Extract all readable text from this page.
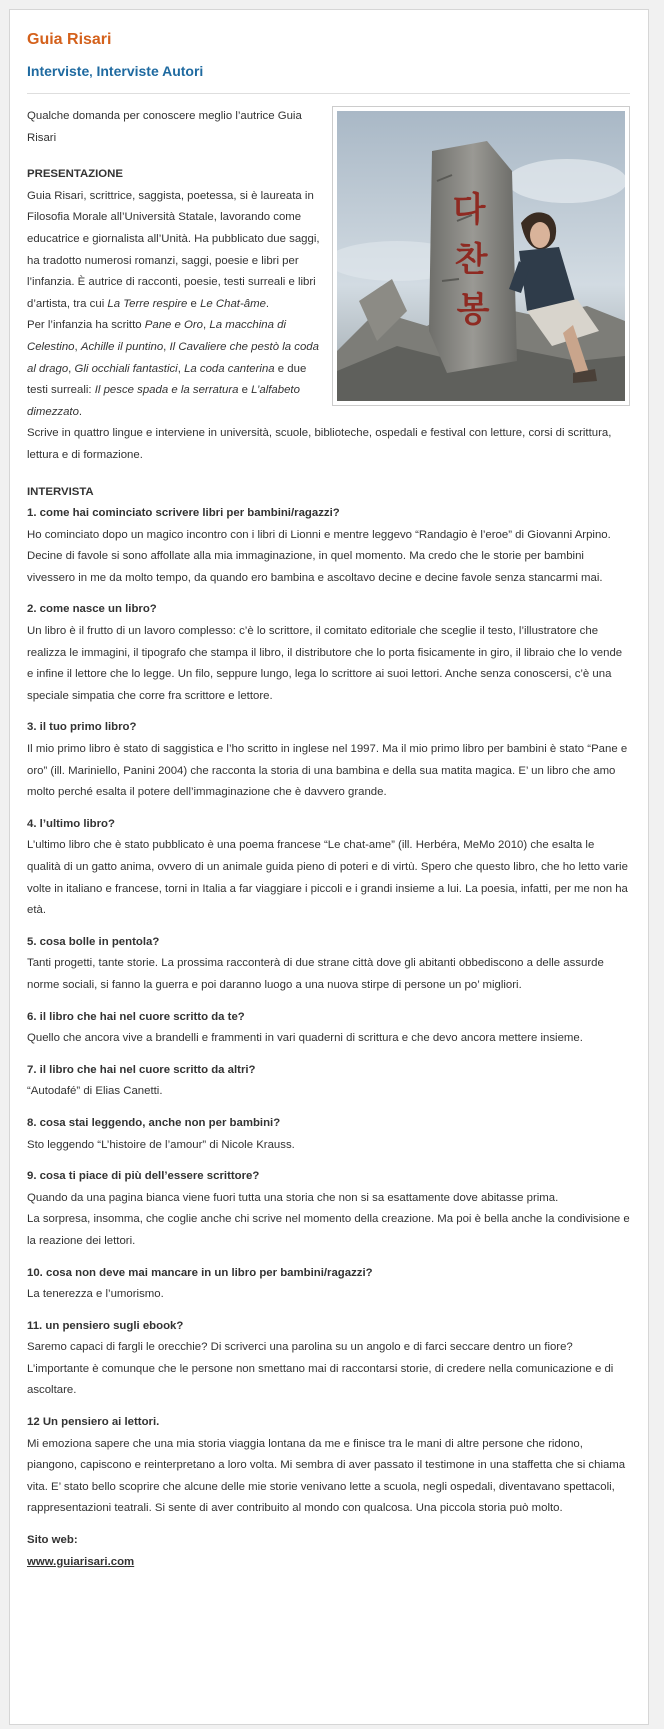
Guia Risari
Interviste, Interviste Autori
다
찬
봉

Qualche domanda per conoscere meglio l’autrice Guia Risari

PRESENTAZIONE

Guia Risari, scrittrice, saggista, poetessa, si è laureata in Filosofia Morale all’Università Statale, lavorando come educatrice e giornalista all’Unità. Ha pubblicato due saggi, ha tradotto numerosi romanzi, saggi, poesie e libri per l’infanzia. È autrice di racconti, poesie, testi surreali e libri d’artista, tra cui La Terre respire e Le Chat-âme.

Per l’infanzia ha scritto Pane e Oro, La macchina di Celestino, Achille il puntino, Il Cavaliere che pestò la coda al drago, Gli occhiali fantastici, La coda canterina e due testi surreali: Il pesce spada e la serratura e L’alfabeto dimezzato.

Scrive in quattro lingue e interviene in università, scuole, biblioteche, ospedali e festival con letture, corsi di scrittura, lettura e di formazione.

INTERVISTA

1. come hai cominciato scrivere libri per bambini/ragazzi?

Ho cominciato dopo un magico incontro con i libri di Lionni e mentre leggevo “Randagio è l’eroe” di Giovanni Arpino. Decine di favole si sono affollate alla mia immaginazione, in quel momento. Ma credo che le storie per bambini vivessero in me da molto tempo, da quando ero bambina e ascoltavo decine e decine favole senza stancarmi mai.

2. come nasce un libro?

Un libro è il frutto di un lavoro complesso: c’è lo scrittore, il comitato editoriale che sceglie il testo, l’illustratore che realizza le immagini, il tipografo che stampa il libro, il distributore che lo porta fisicamente in giro, il libraio che lo vende e infine il lettore che lo legge. Un filo, seppure lungo, lega lo scrittore ai suoi lettori. Anche senza conoscersi, c’è una speciale simpatia che corre fra scrittore e lettore.

3. il tuo primo libro?

Il mio primo libro è stato di saggistica e l’ho scritto in inglese nel 1997. Ma il mio primo libro per bambini è stato “Pane e oro” (ill. Mariniello, Panini 2004) che racconta la storia di una bambina e della sua matita magica. E’ un libro che amo molto perché esalta il potere dell’immaginazione che è davvero grande.

4. l’ultimo libro?

L’ultimo libro che è stato pubblicato è una poema francese “Le chat-ame” (ill. Herbéra, MeMo 2010) che esalta le qualità di un gatto anima, ovvero di un animale guida pieno di poteri e di virtù. Spero che questo libro, che ho letto varie volte in italiano e francese, torni in Italia a far viaggiare i piccoli e i grandi insieme a lui. La poesia, infatti, per me non ha età.

5. cosa bolle in pentola?

Tanti progetti, tante storie. La prossima racconterà di due strane città dove gli abitanti obbediscono a delle assurde norme sociali, si fanno la guerra e poi daranno luogo a una nuova stirpe di persone un po’ migliori.

6. il libro che hai nel cuore scritto da te?

Quello che ancora vive a brandelli e frammenti in vari quaderni di scrittura e che devo ancora mettere insieme.

7. il libro che hai nel cuore scritto da altri?

“Autodafé” di Elias Canetti.

8. cosa stai leggendo, anche non per bambini?

Sto leggendo “L’histoire de l’amour” di Nicole Krauss.

9. cosa ti piace di più dell’essere scrittore?

Quando da una pagina bianca viene fuori tutta una storia che non si sa esattamente dove abitasse prima.

La sorpresa, insomma, che coglie anche chi scrive nel momento della creazione. Ma poi è bella anche la condivisione e la reazione dei lettori.

10. cosa non deve mai mancare in un libro per bambini/ragazzi?

La tenerezza e l’umorismo.

11. un pensiero sugli ebook?

Saremo capaci di fargli le orecchie? Di scriverci una parolina su un angolo e di farci seccare dentro un fiore? L’importante è comunque che le persone non smettano mai di raccontarsi storie, di credere nella comunicazione e di ascoltare.

12 Un pensiero ai lettori.

Mi emoziona sapere che una mia storia viaggia lontana da me e finisce tra le mani di altre persone che ridono, piangono, capiscono e reinterpretano a loro volta. Mi sembra di aver passato il testimone in una staffetta che si chiama vita. E’ stato bello scoprire che alcune delle mie storie venivano lette a scuola, negli ospedali, diventavano spettacoli, rappresentazioni teatrali. Si sente di aver contribuito al mondo con qualcosa. Una piccola storia può molto.

Sito web:

www.guiarisari.com
